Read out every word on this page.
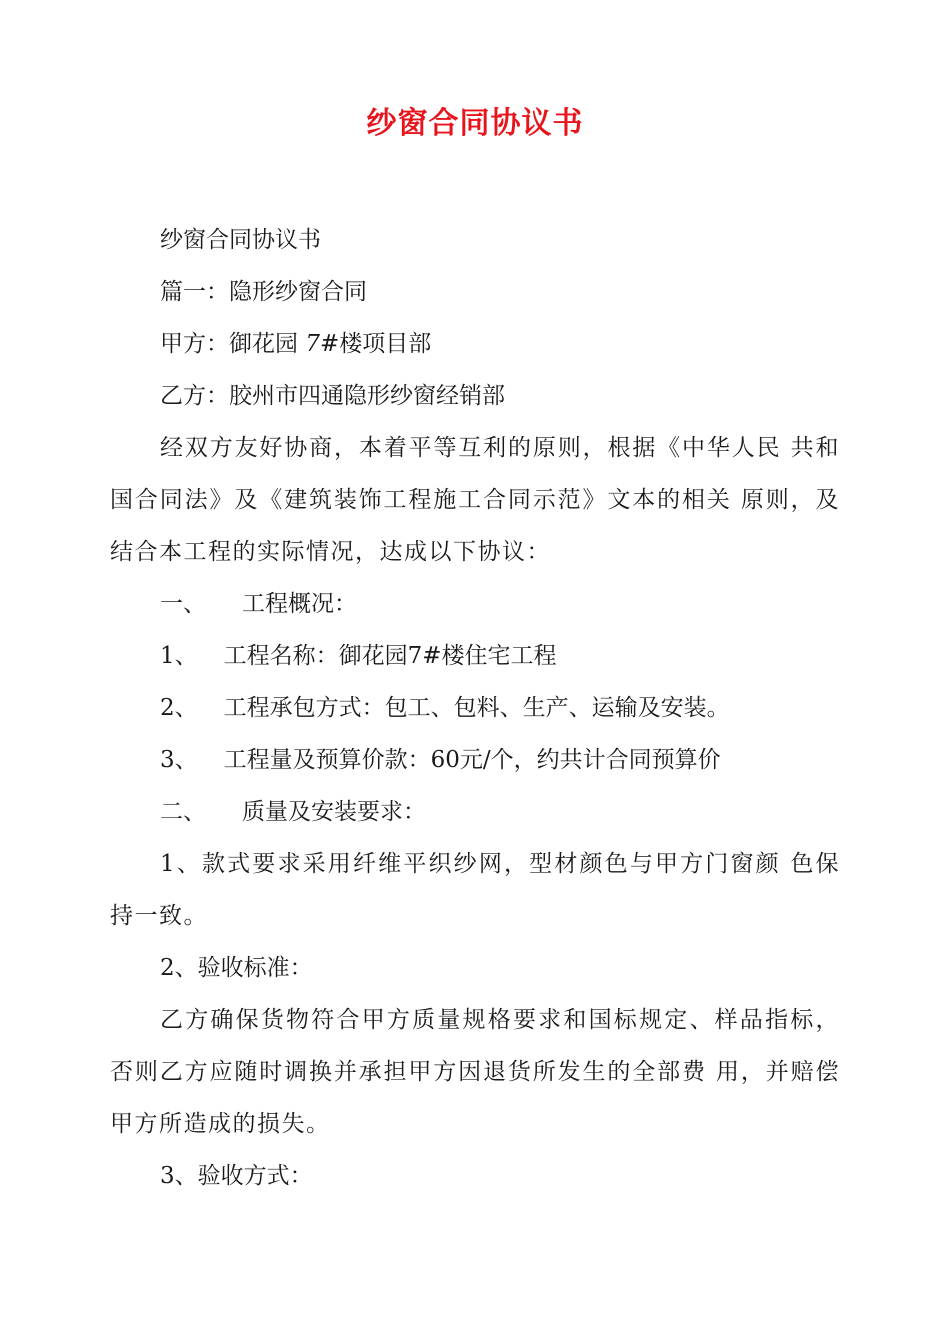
纱窗合同协议书

纱窗合同协议书

篇一：隐形纱窗合同

甲方：御花园 7#楼项目部

乙方：胶州市四通隐形纱窗经销部

经双方友好协商，本着平等互利的原则，根据《中华人民 共和国合同法》及《建筑装饰工程施工合同示范》文本的相关 原则，及结合本工程的实际情况，达成以下协议：

一、 工程概况：

1、 工程名称：御花园7#楼住宅工程

2、 工程承包方式：包工、包料、生产、运输及安装。

3、 工程量及预算价款：60元/个，约共计合同预算价

二、 质量及安装要求：

1、款式要求采用纤维平织纱网，型材颜色与甲方门窗颜 色保持一致。

2、验收标准：

乙方确保货物符合甲方质量规格要求和国标规定、样品指标，否则乙方应随时调换并承担甲方因退货所发生的全部费 用，并赔偿甲方所造成的损失。

3、验收方式：
